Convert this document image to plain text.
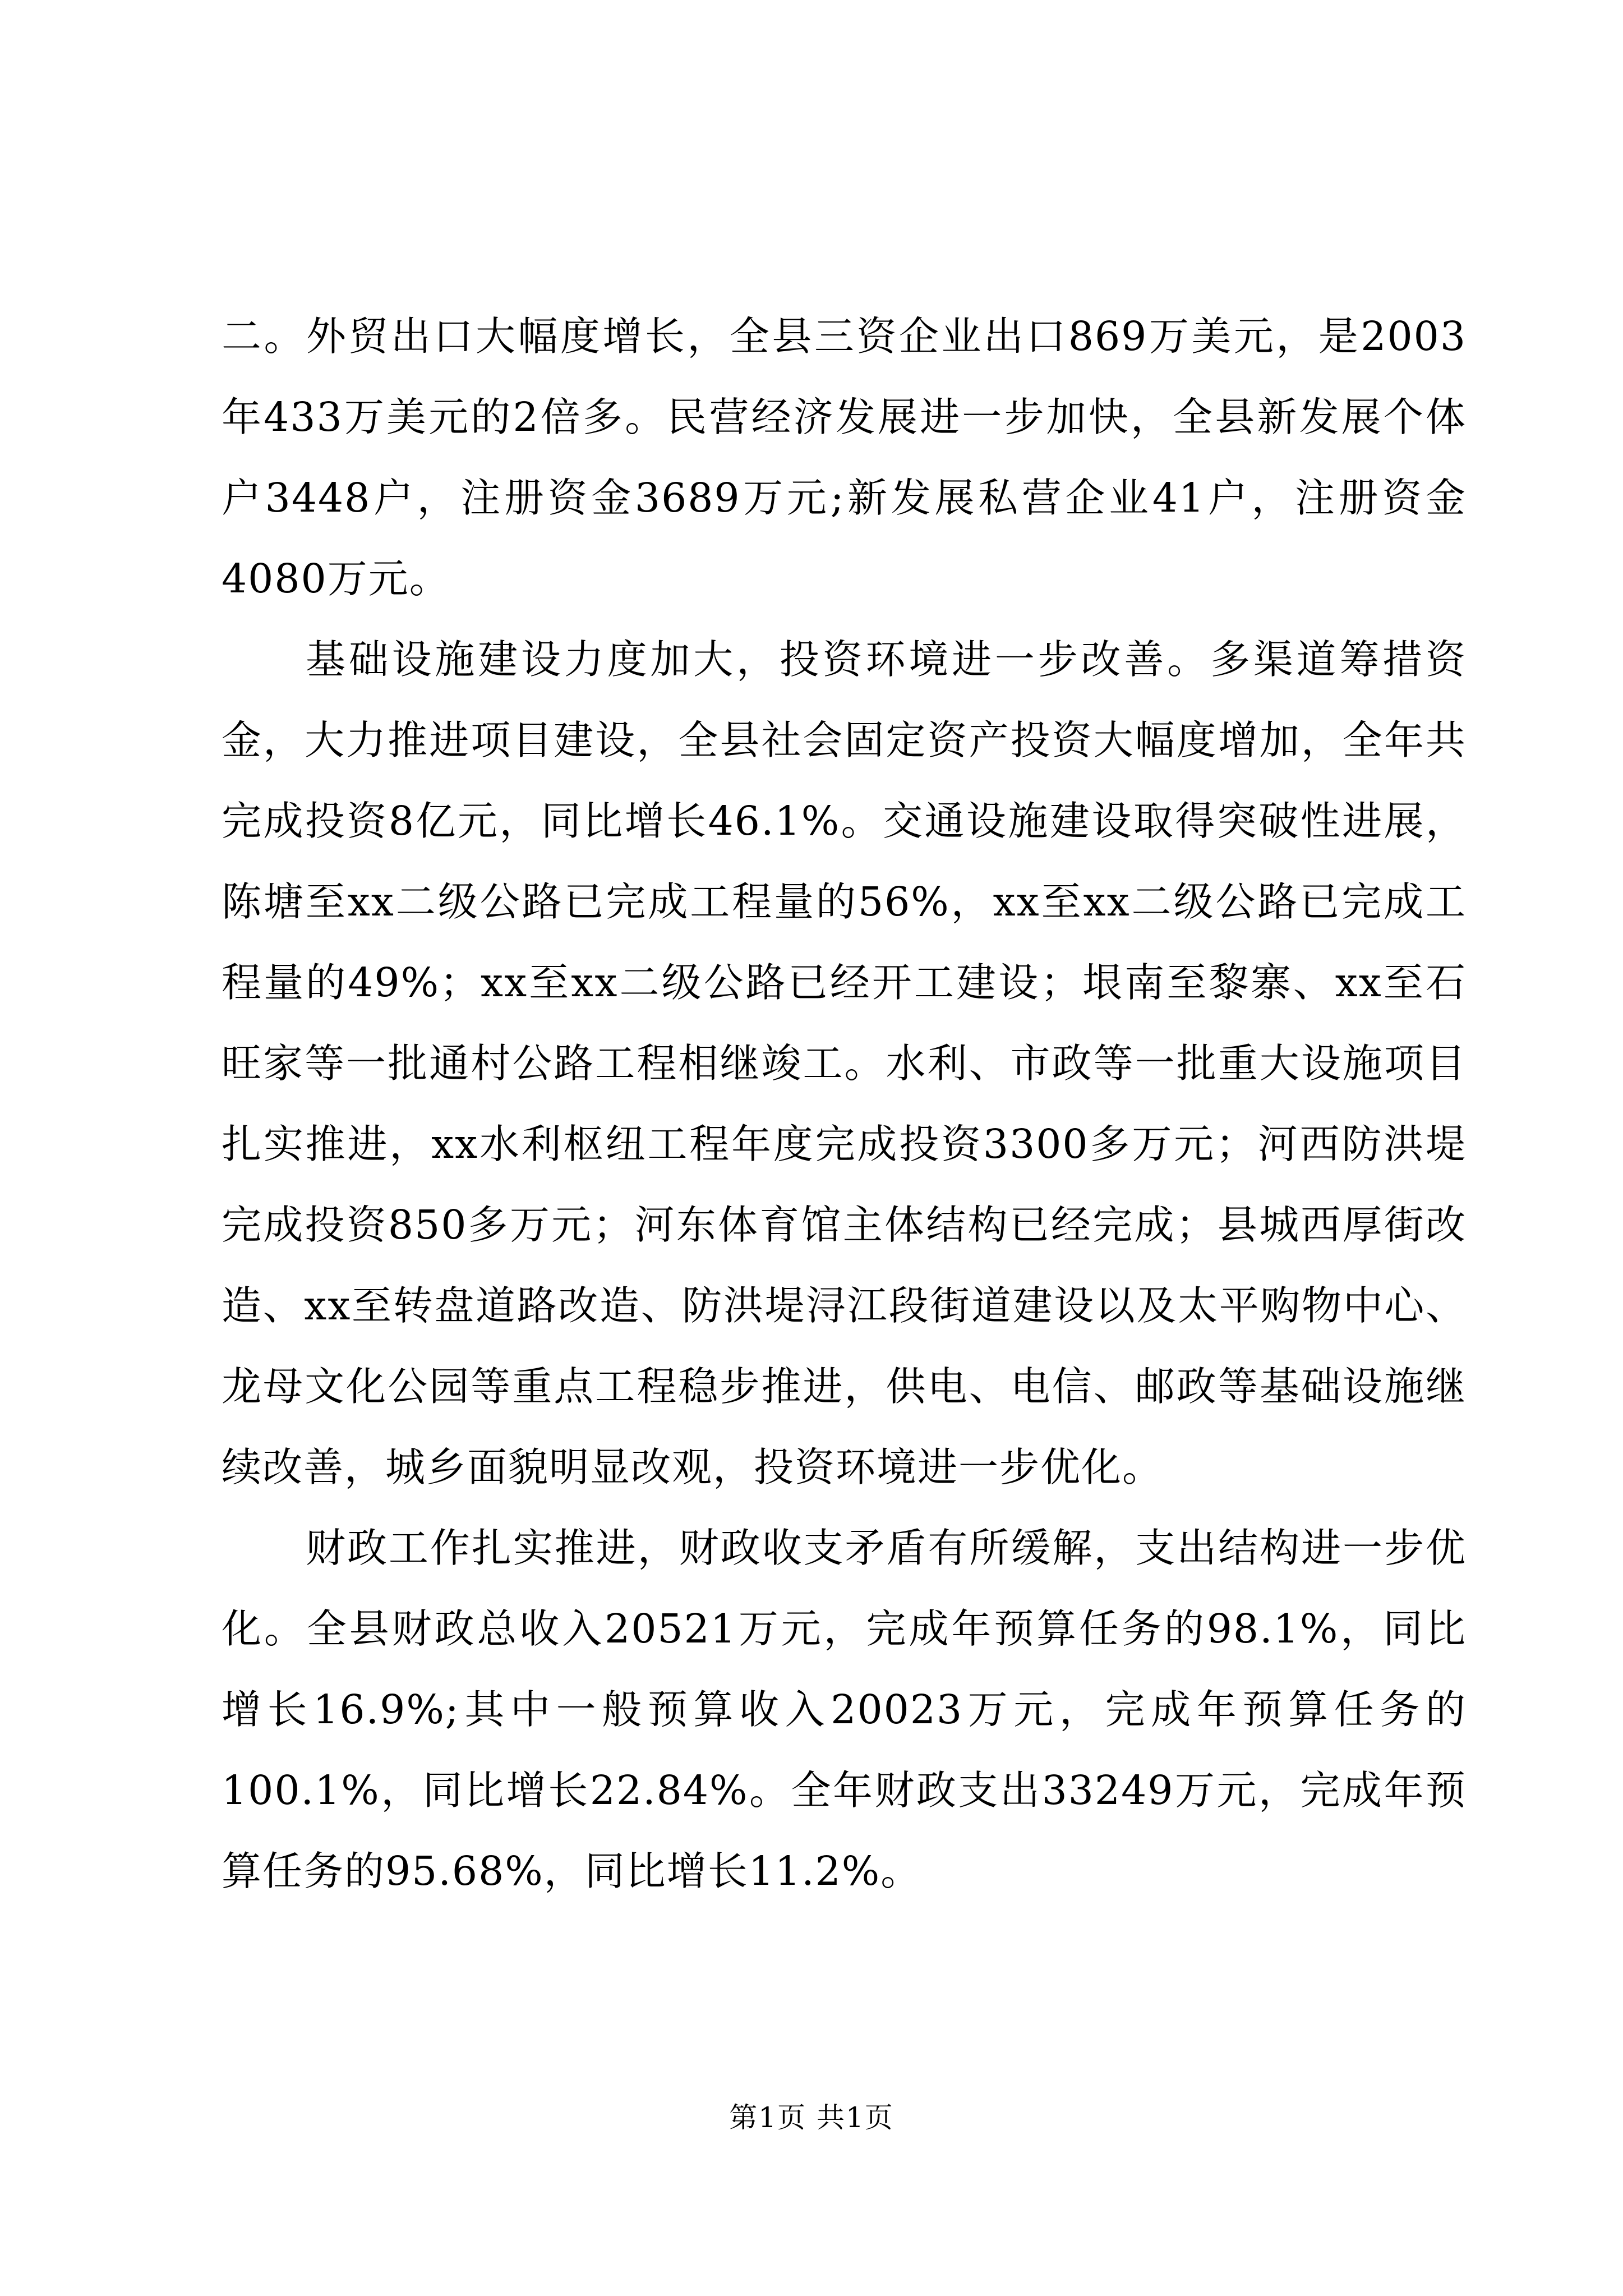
二。外贸出口大幅度增长，全县三资企业出口869万美元，是2003年433万美元的2倍多。民营经济发展进一步加快，全县新发展个体户3448户，注册资金3689万元;新发展私营企业41户，注册资金4080万元。

基础设施建设力度加大，投资环境进一步改善。多渠道筹措资金，大力推进项目建设，全县社会固定资产投资大幅度增加，全年共完成投资8亿元，同比增长46.1%。交通设施建设取得突破性进展，陈塘至xx二级公路已完成工程量的56%，xx至xx二级公路已完成工程量的49%；xx至xx二级公路已经开工建设；垠南至黎寨、xx至石旺家等一批通村公路工程相继竣工。水利、市政等一批重大设施项目扎实推进，xx水利枢纽工程年度完成投资3300多万元；河西防洪堤完成投资850多万元；河东体育馆主体结构已经完成；县城西厚街改造、xx至转盘道路改造、防洪堤浔江段街道建设以及太平购物中心、龙母文化公园等重点工程稳步推进，供电、电信、邮政等基础设施继续改善，城乡面貌明显改观，投资环境进一步优化。

财政工作扎实推进，财政收支矛盾有所缓解，支出结构进一步优化。全县财政总收入20521万元，完成年预算任务的98.1%，同比增长16.9%;其中一般预算收入20023万元，完成年预算任务的100.1%，同比增长22.84%。全年财政支出33249万元，完成年预算任务的95.68%，同比增长11.2%。

第1页 共1页
